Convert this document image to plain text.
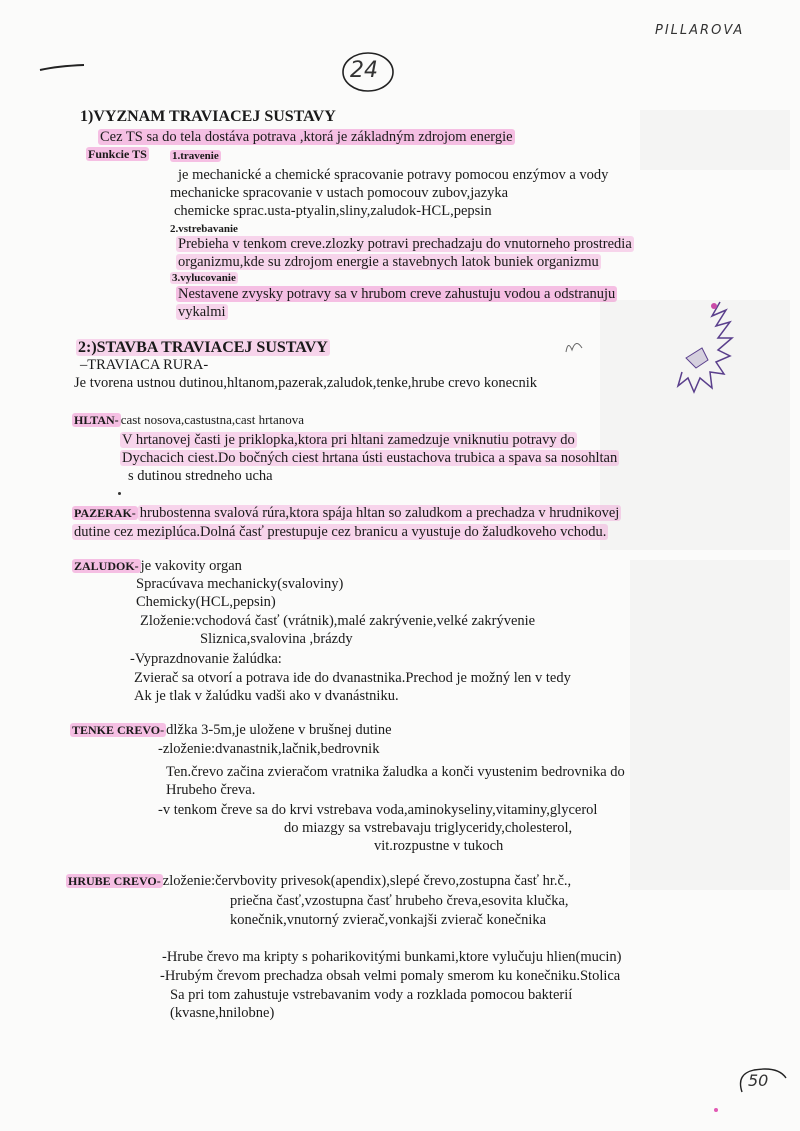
PILLAROVA
24
1)VYZNAM TRAVIACEJ SUSTAVY
Cez TS sa do tela dostáva potrava ,ktorá je základným zdrojom energie
Funkcie TS 1.travenie
je mechanické a chemické spracovanie potravy pomocou enzýmov a vody
mechanicke spracovanie v ustach pomocouv zubov,jazyka
chemicke sprac.usta-ptyalin,sliny,zaludok-HCL,pepsin
2.vstrebavanie
Prebieha v tenkom creve.zlozky potravi prechadzaju do vnutorneho prostredia
organizmu,kde su zdrojom energie a stavebnych latok buniek organizmu
3.vylucovanie
Nestavene zvysky potravy sa v hrubom creve zahustuju vodou a odstranuju
vykalmi
2:)STAVBA TRAVIACEJ SUSTAVY
–TRAVIACA RURA-
Je tvorena ustnou dutinou,hltanom,pazerak,zaludok,tenke,hrube crevo konecnik
HLTAN- cast nosova,castustna,cast hrtanova
V hrtanovej časti je priklopka,ktora pri hltani zamedzuje vniknutiu potravy do
Dychacich ciest.Do bočných ciest hrtana ústi eustachova trubica a spava sa nosohltan
s dutinou stredneho ucha
PAZERAK- hrubostenna svalová rúra,ktora spája hltan so zaludkom a prechadza v hrudnikovej
dutine cez meziplúca.Dolná časť prestupuje cez branicu a vyustuje do žaludkoveho vchodu.
ZALUDOK- je vakovity organ
Spracúvava mechanicky(svaloviny)
Chemicky(HCL,pepsin)
Zloženie:vchodová časť (vrátnik),malé zakrývenie,velké zakrývenie
Sliznica,svalovina ,brázdy
-Vyprazdnovanie žalúdka:
Zvierač sa otvorí a potrava ide do dvanastnika.Prechod je možný len v tedy
Ak je tlak v žalúdku vadši ako v dvanástniku.
TENKE CREVO- dlžka 3-5m,je uložene v brušnej dutine
-zloženie:dvanastnik,lačnik,bedrovnik
Ten.črevo začina zvieračom vratnika žaludka a konči vyustenim bedrovnika do
Hrubeho čreva.
-v tenkom čreve sa do krvi vstrebava voda,aminokyseliny,vitaminy,glycerol
do miazgy sa vstrebavaju triglyceridy,cholesterol,
vit.rozpustne v tukoch
HRUBE CREVO- zloženie:červbovity privesok(apendix),slepé črevo,zostupna časť hr.č.,
priečna časť,vzostupna časť hrubeho čreva,esovita klučka,
konečnik,vnutorný zvierač,vonkajši zvierač konečnika
-Hrube črevo ma kripty s poharikovitými bunkami,ktore vylučuju hlien(mucin)
-Hrubým črevom prechadza obsah velmi pomaly smerom ku konečniku.Stolica
Sa pri tom zahustuje vstrebavanim vody a rozklada pomocou bakterií
(kvasne,hnilobne)
50
